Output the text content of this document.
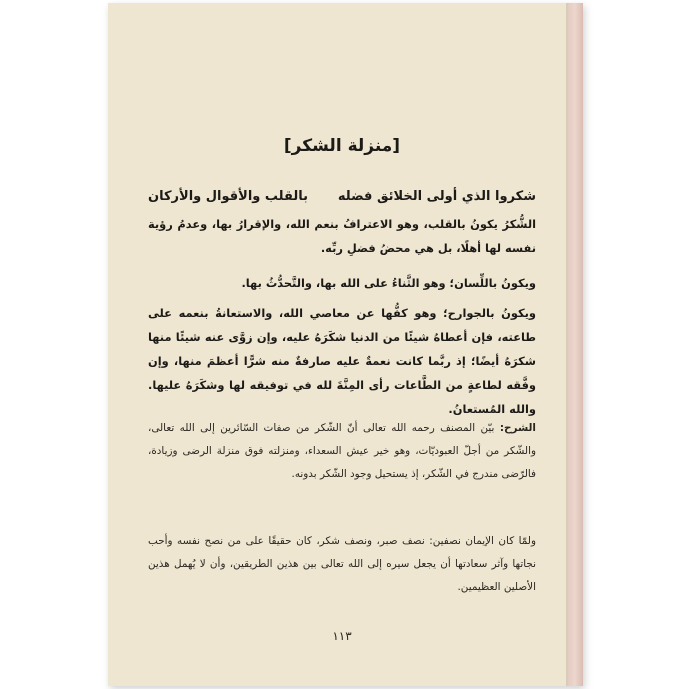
[منزلة الشكر]
شكروا الذي أولى الخلائق فضله
بالقلب والأقوال والأركان

الشُّكرُ يكونُ بالقلب، وهو الاعترافُ بنعم الله، والإقرارُ بها، وعدمُ رؤية نفسه لها أهلًا، بل هي محضُ فضلِ ربِّه.

ويكونُ باللِّسان؛ وهو الثَّناءُ على الله بها، والتَّحدُّثُ بها.

ويكونُ بالجوارح؛ وهو كفُّها عن معاصي الله، والاستعانةُ بنعمه على طاعته، فإن أعطاهُ شيئًا من الدنيا شكَرَهُ عليه، وإن زوَّى عنه شيئًا منها شكرَهُ أيضًا؛ إذ ربَّما كانت نعمةٌ عليه صارفةٌ منه شرًّا أعظمَ منها، وإن وفَّقه لطاعةٍ من الطَّاعات رأى المِنَّةَ لله في توفيقه لها وشكَرَهُ عليها. والله المُستعانُ.

الشرح: بيّن المصنف رحمه الله تعالى أنّ الشّكر من صفات السّائرين إلى الله تعالى، والشّكر من أجلّ العبوديّات، وهو خير عيش السعداء، ومنزلته فوق منزلة الرضى وزيادة، فالرّضى مندرج في الشّكر، إذ يستحيل وجود الشّكر بدونه.

ولمّا كان الإيمان نصفين: نصف صبر، ونصف شكر، كان حقيقًا على من نصح نفسه وأحب نجاتها وآثر سعادتها أن يجعل سيره إلى الله تعالى بين هذين الطريقين، وأن لا يُهمل هذين الأصلين العظيمين.

١١٣
